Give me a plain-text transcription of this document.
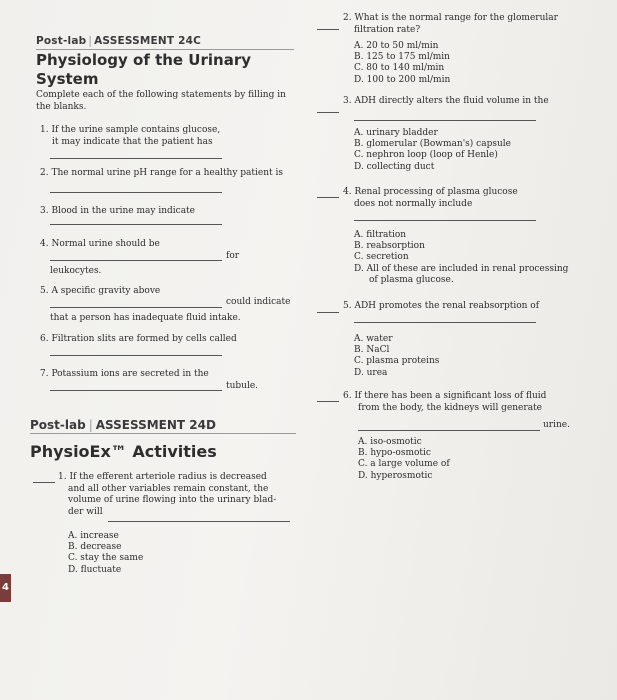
Post-lab | ASSESSMENT 24C
Physiology of the Urinary
System
Complete each of the following statements by filling in
the blanks.
1. If the urine sample contains glucose,
it may indicate that the patient has
2. The normal urine pH range for a healthy patient is
3. Blood in the urine may indicate
4. Normal urine should be
for
leukocytes.
5. A specific gravity above
could indicate
that a person has inadequate fluid intake.
6. Filtration slits are formed by cells called
7. Potassium ions are secreted in the
tubule.
Post-lab | ASSESSMENT 24D
PhysioEx™ Activities
1. If the efferent arteriole radius is decreased
and all other variables remain constant, the
volume of urine flowing into the urinary blad-
der will
A. increase
B. decrease
C. stay the same
D. fluctuate
4
2. What is the normal range for the glomerular
filtration rate?
A. 20 to 50 ml/min
B. 125 to 175 ml/min
C. 80 to 140 ml/min
D. 100 to 200 ml/min
3. ADH directly alters the fluid volume in the
A. urinary bladder
B. glomerular (Bowman's) capsule
C. nephron loop (loop of Henle)
D. collecting duct
4. Renal processing of plasma glucose
does not normally include
A. filtration
B. reabsorption
C. secretion
D. All of these are included in renal processing
of plasma glucose.
5. ADH promotes the renal reabsorption of
A. water
B. NaCl
C. plasma proteins
D. urea
6. If there has been a significant loss of fluid
from the body, the kidneys will generate
urine.
A. iso-osmotic
B. hypo-osmotic
C. a large volume of
D. hyperosmotic
